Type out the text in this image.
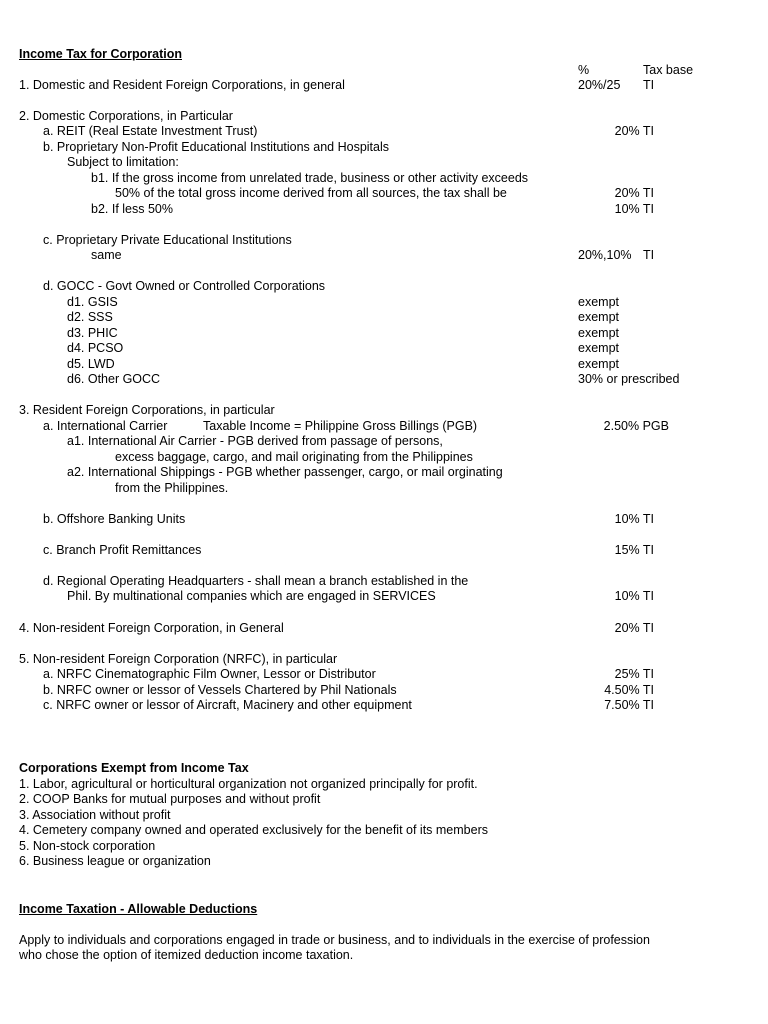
Income Tax for Corporation
%	Tax base
1. Domestic and Resident Foreign Corporations, in general	20%/25 TI
2. Domestic Corporations, in Particular
a. REIT (Real Estate Investment Trust)	20% TI
b. Proprietary Non-Profit Educational Institutions and Hospitals
Subject to limitation:
b1. If the gross income from unrelated trade, business or other activity exceeds
50% of the total gross income derived from all sources, the tax shall be	20% TI
b2. If less 50%	10% TI
c. Proprietary Private Educational Institutions
same	20%,10% TI
d. GOCC - Govt Owned or Controlled Corporations
d1. GSIS	exempt
d2. SSS	exempt
d3. PHIC	exempt
d4. PCSO	exempt
d5. LWD	exempt
d6. Other GOCC	30% or prescribed
3. Resident Foreign Corporations, in particular
a. International Carrier	Taxable Income = Philippine Gross Billings (PGB)	2.50% PGB
a1. International Air Carrier - PGB derived from passage of persons,
excess baggage, cargo, and mail originating from the Philippines
a2. International Shippings - PGB whether passenger, cargo, or mail orginating
from the Philippines.
b. Offshore Banking Units	10% TI
c. Branch Profit Remittances	15% TI
d. Regional Operating Headquarters - shall mean a branch established in the
Phil. By multinational companies which are engaged in SERVICES	10% TI
4. Non-resident Foreign Corporation, in General	20% TI
5. Non-resident Foreign Corporation (NRFC), in particular
a. NRFC Cinematographic Film Owner, Lessor or Distributor	25% TI
b. NRFC owner or lessor of Vessels Chartered by Phil Nationals	4.50% TI
c. NRFC owner or lessor of Aircraft, Macinery and other equipment	7.50% TI
Corporations Exempt from Income Tax
1. Labor, agricultural or horticultural organization not organized principally for profit.
2. COOP Banks for mutual purposes and without profit
3. Association without profit
4. Cemetery company owned and operated exclusively for the benefit of its members
5. Non-stock corporation
6. Business league or organization
Income Taxation - Allowable Deductions
Apply to individuals and corporations engaged in trade or business, and to individuals in the exercise of profession
who chose the option of itemized deduction income taxation.
